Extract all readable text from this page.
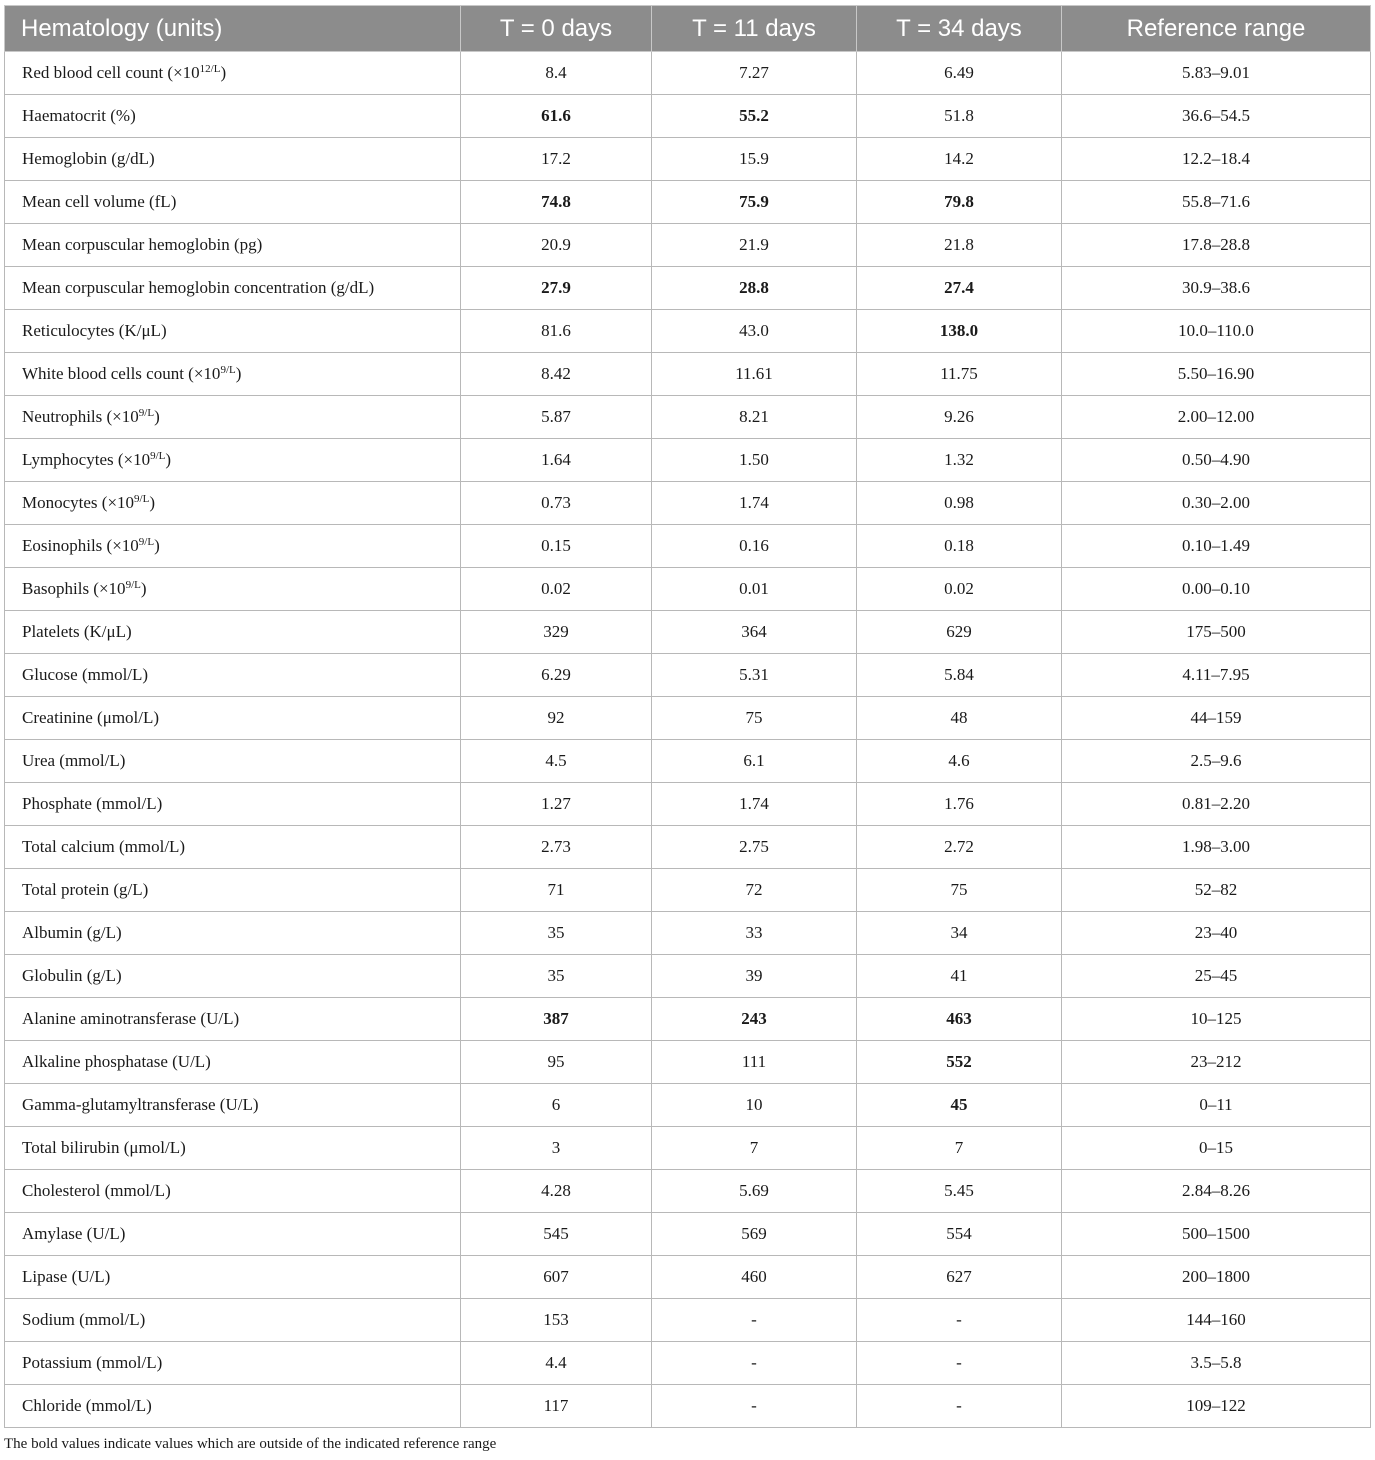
Hematology (units)	T = 0 days	T = 11 days	T = 34 days	Reference range
Red blood cell count $(\times 10^{12/L})$	8.4	7.27	6.49	5.83–9.01
Haematocrit (%)	61.6	55.2	51.8	36.6–54.5
Hemoglobin (g/dL)	17.2	15.9	14.2	12.2–18.4
Mean cell volume (fL)	74.8	75.9	79.8	55.8–71.6
Mean corpuscular hemoglobin (pg)	20.9	21.9	21.8	17.8–28.8
Mean corpuscular hemoglobin concentration (g/dL)	27.9	28.8	27.4	30.9–38.6
Reticulocytes (K/μL)	81.6	43.0	138.0	10.0–110.0
White blood cells count $(\times 10^{9/L})$	8.42	11.61	11.75	5.50–16.90
Neutrophils $(\times 10^{9/L})$	5.87	8.21	9.26	2.00–12.00
Lymphocytes $(\times 10^{9/L})$	1.64	1.50	1.32	0.50–4.90
Monocytes $(\times 10^{9/L})$	0.73	1.74	0.98	0.30–2.00
Eosinophils $(\times 10^{9/L})$	0.15	0.16	0.18	0.10–1.49
Basophils $(\times 10^{9/L})$	0.02	0.01	0.02	0.00–0.10
Platelets (K/μL)	329	364	629	175–500
Glucose (mmol/L)	6.29	5.31	5.84	4.11–7.95
Creatinine (μmol/L)	92	75	48	44–159
Urea (mmol/L)	4.5	6.1	4.6	2.5–9.6
Phosphate (mmol/L)	1.27	1.74	1.76	0.81–2.20
Total calcium (mmol/L)	2.73	2.75	2.72	1.98–3.00
Total protein (g/L)	71	72	75	52–82
Albumin (g/L)	35	33	34	23–40
Globulin (g/L)	35	39	41	25–45
Alanine aminotransferase (U/L)	387	243	463	10–125
Alkaline phosphatase (U/L)	95	111	552	23–212
Gamma-glutamyltransferase (U/L)	6	10	45	0–11
Total bilirubin (μmol/L)	3	7	7	0–15
Cholesterol (mmol/L)	4.28	5.69	5.45	2.84–8.26
Amylase (U/L)	545	569	554	500–1500
Lipase (U/L)	607	460	627	200–1800
Sodium (mmol/L)	153	-	-	144–160
Potassium (mmol/L)	4.4	-	-	3.5–5.8
Chloride (mmol/L)	117	-	-	109–122
The bold values indicate values which are outside of the indicated reference range
